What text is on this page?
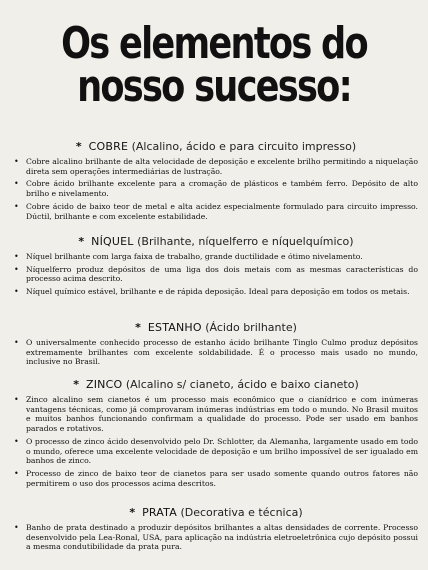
Os elementos do
nosso sucesso:
* COBRE (Alcalino, ácido e para circuito impresso)
• Cobre alcalino brilhante de alta velocidade de deposição e excelente brilho permitindo a niquelação direta sem operações intermediárias de lustração.
• Cobre ácido brilhante excelente para a cromação de plásticos e também ferro. Depósito de alto brilho e nivelamento.
• Cobre ácido de baixo teor de metal e alta acidez especialmente formulado para circuito impresso. Dúctil, brilhante e com excelente estabilidade.
* NÍQUEL (Brilhante, níquelferro e níquelquímico)
• Níquel brilhante com larga faixa de trabalho, grande ductilidade e ótimo nivelamento.
• Níquelferro produz depósitos de uma liga dos dois metais com as mesmas características do processo acima descrito.
• Níquel químico estável, brilhante e de rápida deposição. Ideal para deposição em todos os metais.
* ESTANHO (Ácido brilhante)
• O universalmente conhecido processo de estanho ácido brilhante Tinglo Culmo produz depósitos extremamente brilhantes com excelente soldabilidade. É o processo mais usado no mundo, inclusive no Brasil.
* ZINCO (Alcalino s/ cianeto, ácido e baixo cianeto)
• Zinco alcalino sem cianetos é um processo mais econômico que o cianídrico e com inúmeras vantagens técnicas, como já comprovaram inúmeras indústrias em todo o mundo. No Brasil muitos e muitos banhos funcionando confirmam a qualidade do processo. Pode ser usado em banhos parados e rotativos.
• O processo de zinco ácido desenvolvido pelo Dr. Schlotter, da Alemanha, largamente usado em todo o mundo, oferece uma excelente velocidade de deposição e um brilho impossível de ser igualado em banhos de zinco.
• Processo de zinco de baixo teor de cianetos para ser usado somente quando outros fatores não permitirem o uso dos processos acima descritos.
* PRATA (Decorativa e técnica)
• Banho de prata destinado a produzir depósitos brilhantes a altas densidades de corrente. Processo desenvolvido pela Lea-Ronal, USA, para aplicação na indústria eletroeletrônica cujo depósito possui a mesma condutibilidade da prata pura.
